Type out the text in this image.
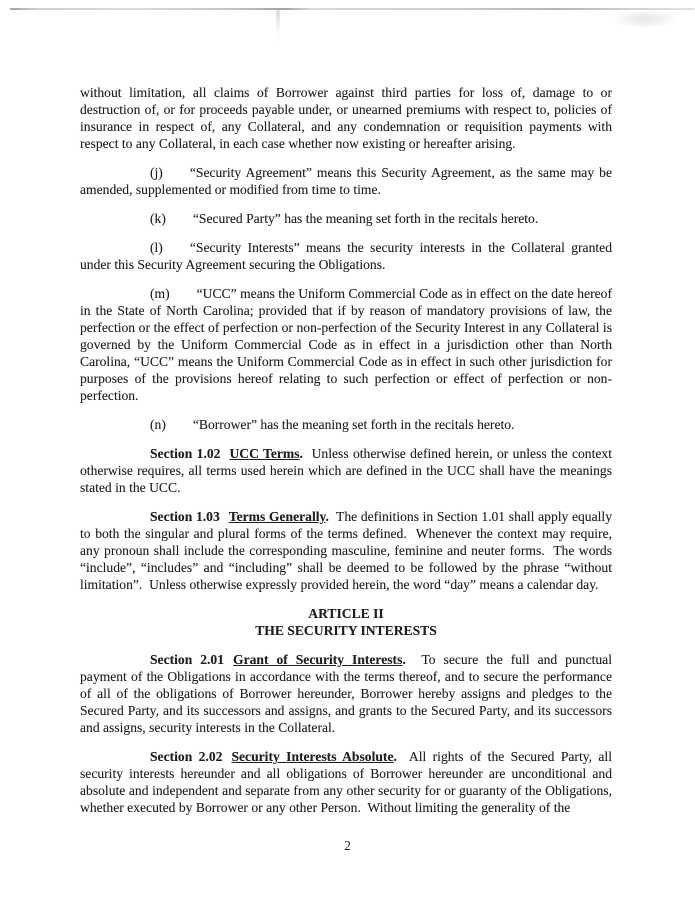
without limitation, all claims of Borrower against third parties for loss of, damage to or destruction of, or for proceeds payable under, or unearned premiums with respect to, policies of insurance in respect of, any Collateral, and any condemnation or requisition payments with respect to any Collateral, in each case whether now existing or hereafter arising.

(j) “Security Agreement” means this Security Agreement, as the same may be amended, supplemented or modified from time to time.

(k) “Secured Party” has the meaning set forth in the recitals hereto.

(l) “Security Interests” means the security interests in the Collateral granted under this Security Agreement securing the Obligations.

(m) “UCC” means the Uniform Commercial Code as in effect on the date hereof in the State of North Carolina; provided that if by reason of mandatory provisions of law, the perfection or the effect of perfection or non-perfection of the Security Interest in any Collateral is governed by the Uniform Commercial Code as in effect in a jurisdiction other than North Carolina, “UCC” means the Uniform Commercial Code as in effect in such other jurisdiction for purposes of the provisions hereof relating to such perfection or effect of perfection or non-perfection.

(n) “Borrower” has the meaning set forth in the recitals hereto.

Section 1.02 UCC Terms.  Unless otherwise defined herein, or unless the context otherwise requires, all terms used herein which are defined in the UCC shall have the meanings stated in the UCC.

Section 1.03 Terms Generally.  The definitions in Section 1.01 shall apply equally to both the singular and plural forms of the terms defined.  Whenever the context may require, any pronoun shall include the corresponding masculine, feminine and neuter forms.  The words “include”, “includes” and “including” shall be deemed to be followed by the phrase “without limitation”.  Unless otherwise expressly provided herein, the word “day” means a calendar day.

ARTICLE II
THE SECURITY INTERESTS

Section 2.01 Grant of Security Interests.  To secure the full and punctual payment of the Obligations in accordance with the terms thereof, and to secure the performance of all of the obligations of Borrower hereunder, Borrower hereby assigns and pledges to the Secured Party, and its successors and assigns, and grants to the Secured Party, and its successors and assigns, security interests in the Collateral.

Section 2.02 Security Interests Absolute.  All rights of the Secured Party, all security interests hereunder and all obligations of Borrower hereunder are unconditional and absolute and independent and separate from any other security for or guaranty of the Obligations, whether executed by Borrower or any other Person.  Without limiting the generality of the

2
